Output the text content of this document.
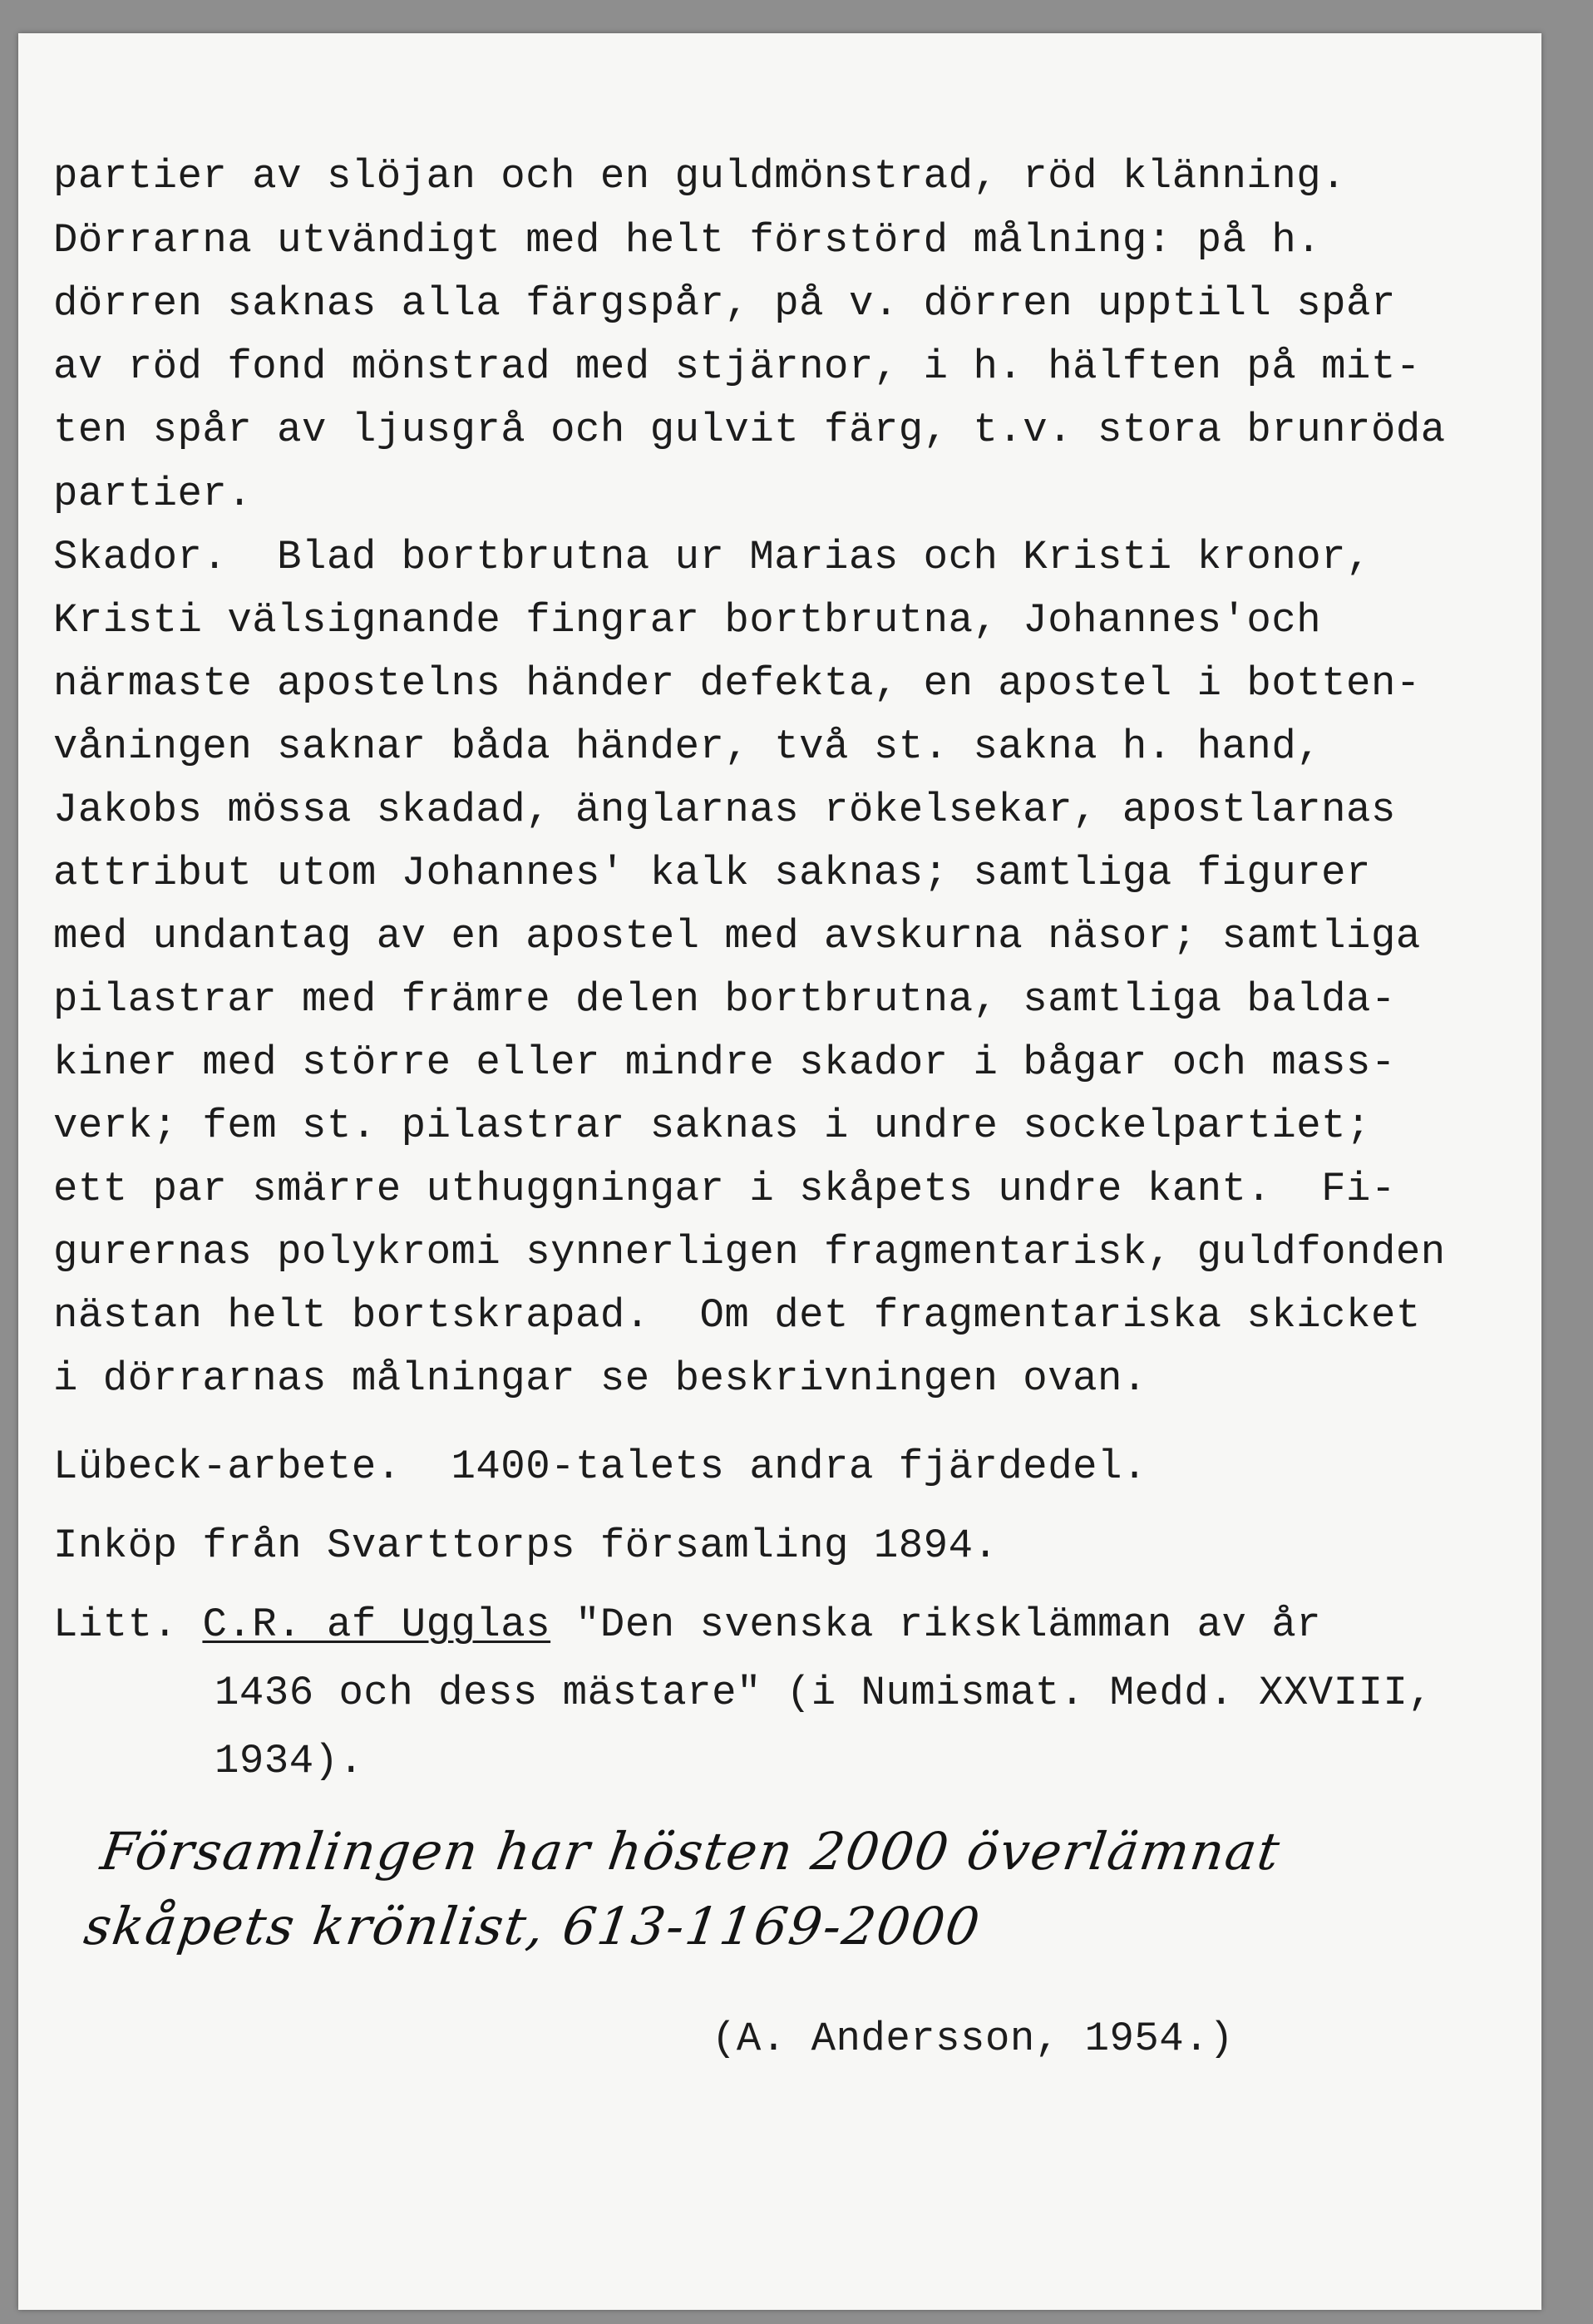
partier av slöjan och en guldmönstrad, röd klänning.
Dörrarna utvändigt med helt förstörd målning: på h.
dörren saknas alla färgspår, på v. dörren upptill spår
av röd fond mönstrad med stjärnor, i h. hälften på mit-
ten spår av ljusgrå och gulvit färg, t.v. stora brunröda
partier.
Skador.  Blad bortbrutna ur Marias och Kristi kronor,
Kristi välsignande fingrar bortbrutna, Johannes'och
närmaste apostelns händer defekta, en apostel i botten-
våningen saknar båda händer, två st. sakna h. hand,
Jakobs mössa skadad, änglarnas rökelsekar, apostlarnas
attribut utom Johannes' kalk saknas; samtliga figurer
med undantag av en apostel med avskurna näsor; samtliga
pilastrar med främre delen bortbrutna, samtliga balda-
kiner med större eller mindre skador i bågar och mass-
verk; fem st. pilastrar saknas i undre sockelpartiet;
ett par smärre uthuggningar i skåpets undre kant.  Fi-
gurernas polykromi synnerligen fragmentarisk, guldfonden
nästan helt bortskrapad.  Om det fragmentariska skicket
i dörrarnas målningar se beskrivningen ovan.
Lübeck-arbete.  1400-talets andra fjärdedel.
Inköp från Svarttorps församling 1894.
Litt. C.R. af Ugglas "Den svenska riksklämman av år
1436 och dess mästare" (i Numismat. Medd. XXVIII,
1934).
Församlingen har hösten 2000 överlämnat
skåpets krönlist, 613-1169-2000
(A. Andersson, 1954.)
